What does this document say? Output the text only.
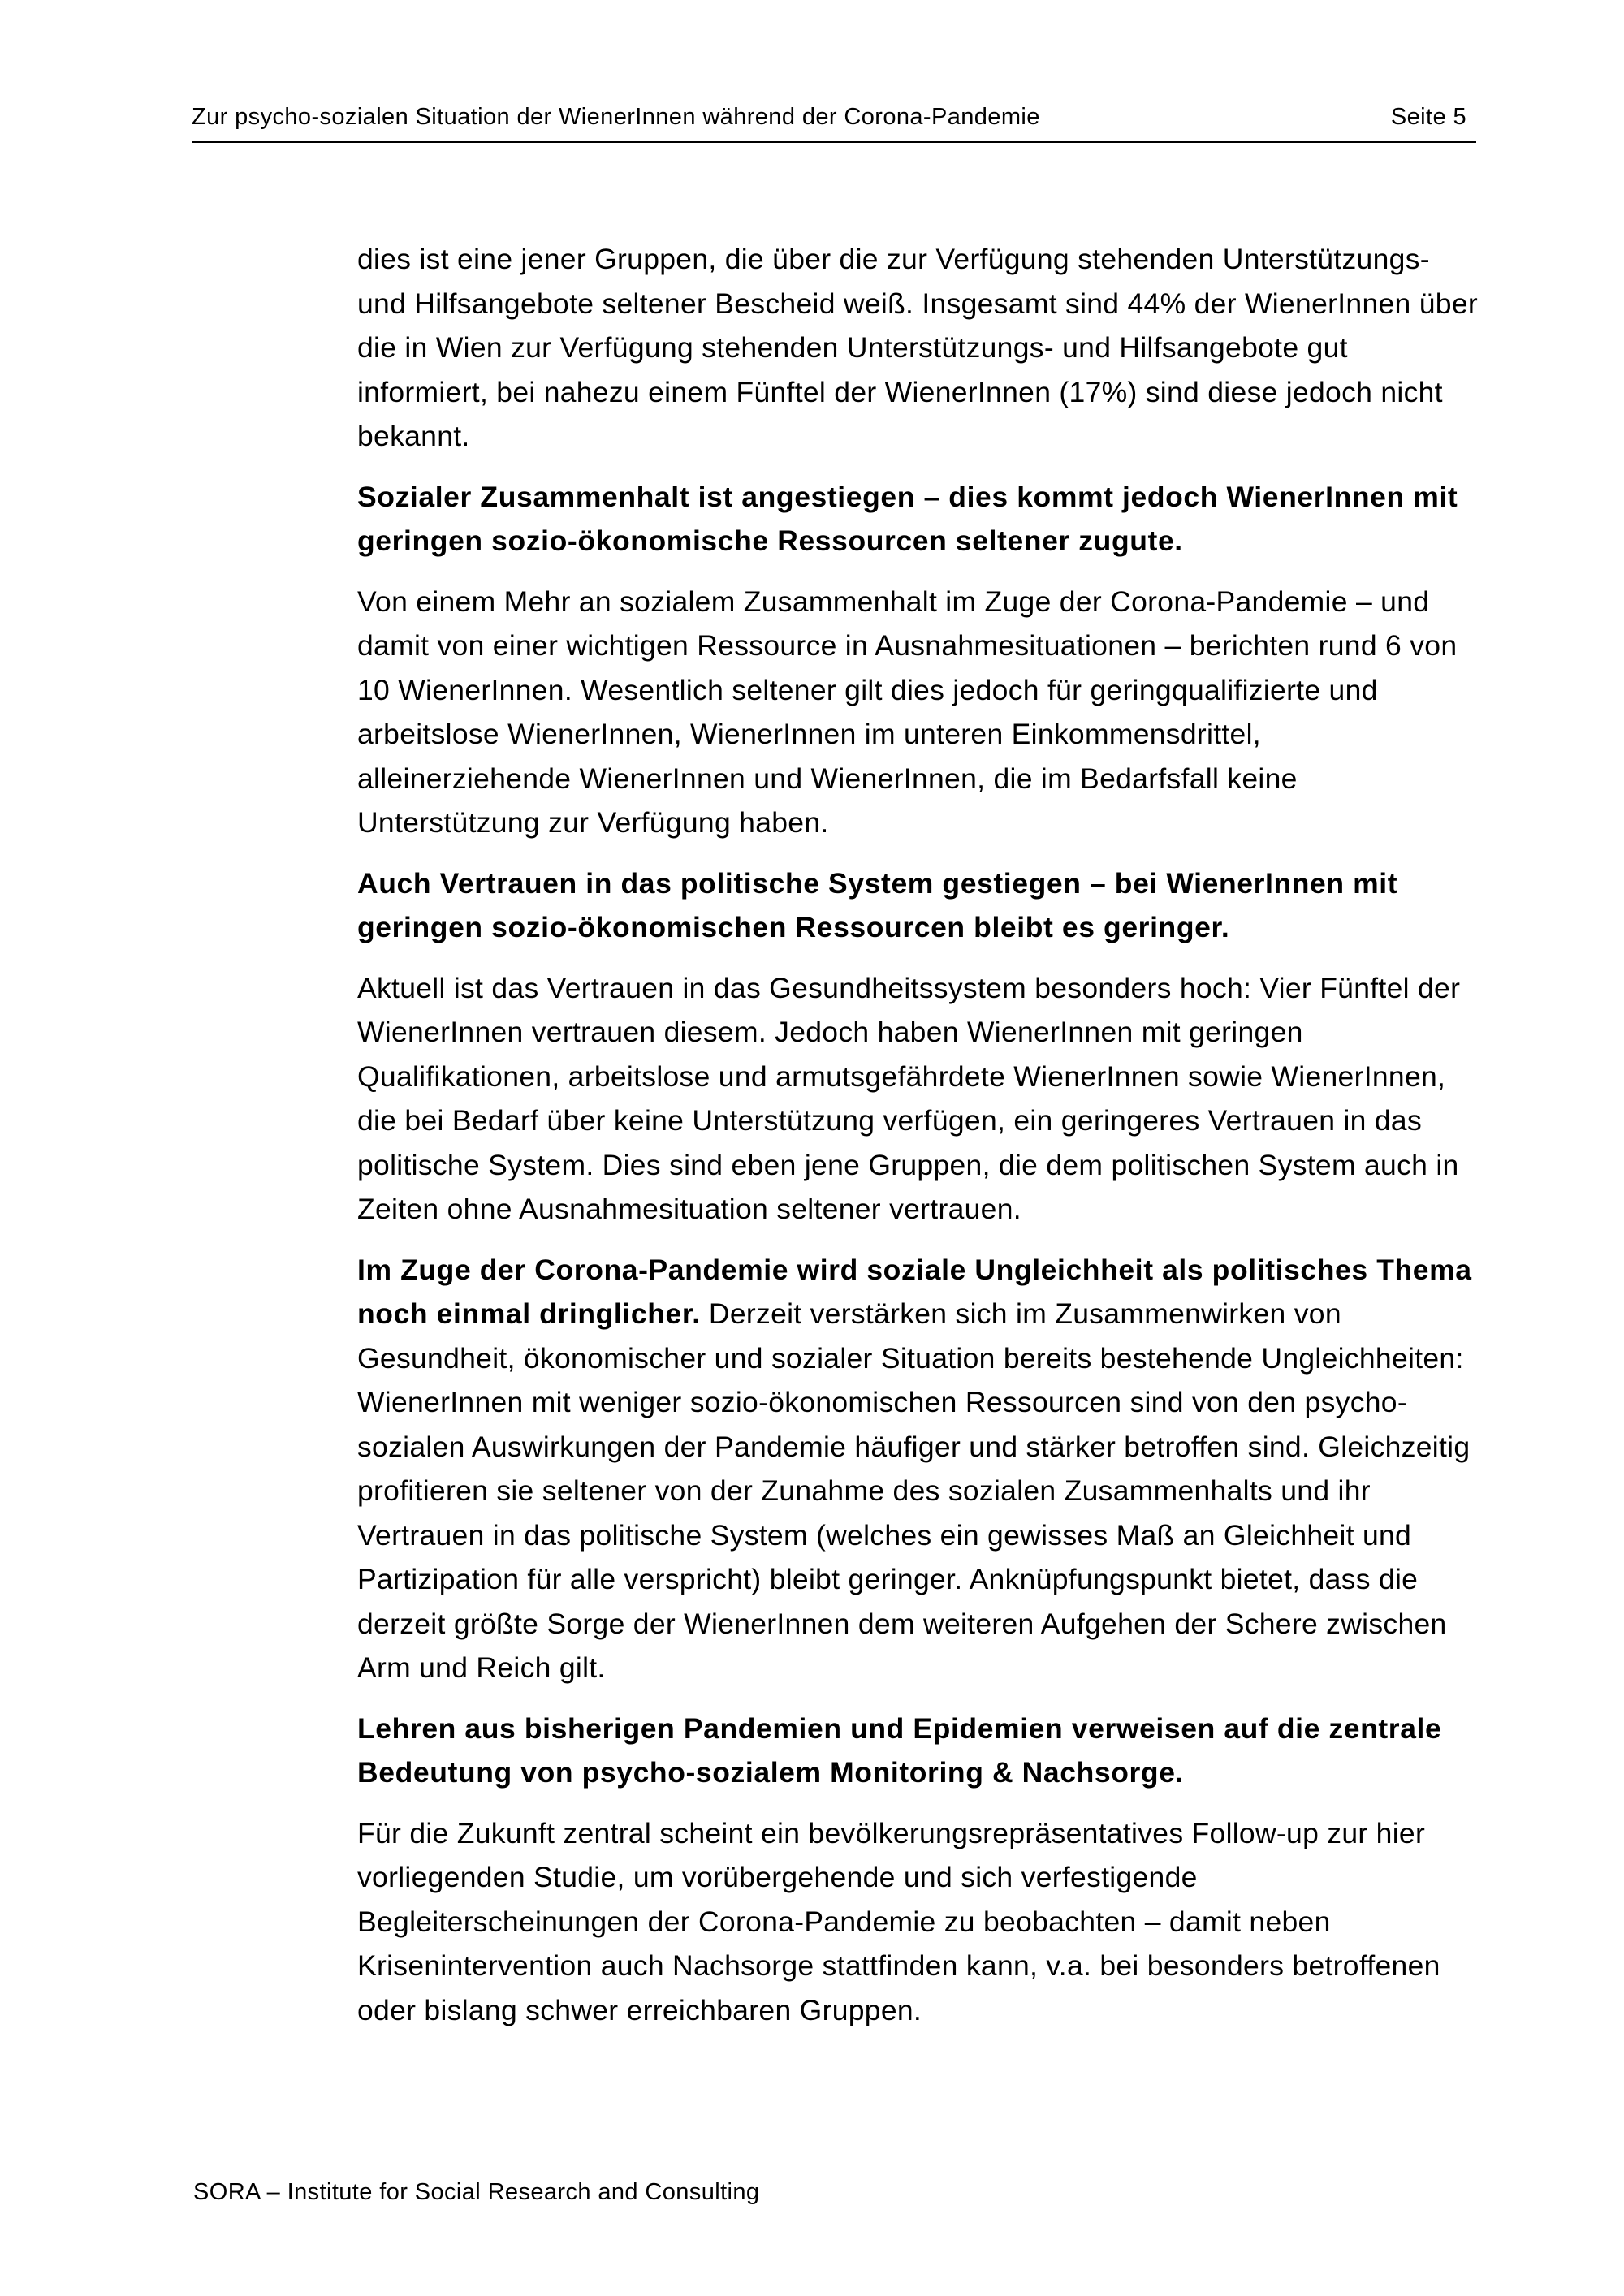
Zur psycho-sozialen Situation der WienerInnen während der Corona-Pandemie	Seite 5

dies ist eine jener Gruppen, die über die zur Verfügung stehenden Unterstützungs- und Hilfsangebote seltener Bescheid weiß. Insgesamt sind 44% der WienerInnen über die in Wien zur Verfügung stehenden Unterstützungs- und Hilfsangebote gut informiert, bei nahezu einem Fünftel der WienerInnen (17%) sind diese jedoch nicht bekannt.

Sozialer Zusammenhalt ist angestiegen – dies kommt jedoch WienerInnen mit geringen sozio-ökonomische Ressourcen seltener zugute.

Von einem Mehr an sozialem Zusammenhalt im Zuge der Corona-Pandemie – und damit von einer wichtigen Ressource in Ausnahmesituationen – berichten rund 6 von 10 WienerInnen. Wesentlich seltener gilt dies jedoch für geringqualifizierte und arbeitslose WienerInnen, WienerInnen im unteren Einkommensdrittel, alleinerziehende WienerInnen und WienerInnen, die im Bedarfsfall keine Unterstützung zur Verfügung haben.

Auch Vertrauen in das politische System gestiegen – bei WienerInnen mit geringen sozio-ökonomischen Ressourcen bleibt es geringer.

Aktuell ist das Vertrauen in das Gesundheitssystem besonders hoch: Vier Fünftel der WienerInnen vertrauen diesem. Jedoch haben WienerInnen mit geringen Qualifikationen, arbeitslose und armutsgefährdete WienerInnen sowie WienerInnen, die bei Bedarf über keine Unterstützung verfügen, ein geringeres Vertrauen in das politische System. Dies sind eben jene Gruppen, die dem politischen System auch in Zeiten ohne Ausnahmesituation seltener vertrauen.

Im Zuge der Corona-Pandemie wird soziale Ungleichheit als politisches Thema noch einmal dringlicher. Derzeit verstärken sich im Zusammenwirken von Gesundheit, ökonomischer und sozialer Situation bereits bestehende Ungleichheiten: WienerInnen mit weniger sozio-ökonomischen Ressourcen sind von den psycho-sozialen Auswirkungen der Pandemie häufiger und stärker betroffen sind. Gleichzeitig profitieren sie seltener von der Zunahme des sozialen Zusammenhalts und ihr Vertrauen in das politische System (welches ein gewisses Maß an Gleichheit und Partizipation für alle verspricht) bleibt geringer. Anknüpfungspunkt bietet, dass die derzeit größte Sorge der WienerInnen dem weiteren Aufgehen der Schere zwischen Arm und Reich gilt.

Lehren aus bisherigen Pandemien und Epidemien verweisen auf die zentrale Bedeutung von psycho-sozialem Monitoring & Nachsorge.

Für die Zukunft zentral scheint ein bevölkerungsrepräsentatives Follow-up zur hier vorliegenden Studie, um vorübergehende und sich verfestigende Begleiterscheinungen der Corona-Pandemie zu beobachten – damit neben Krisenintervention auch Nachsorge stattfinden kann, v.a. bei besonders betroffenen oder bislang schwer erreichbaren Gruppen.

SORA – Institute for Social Research and Consulting
